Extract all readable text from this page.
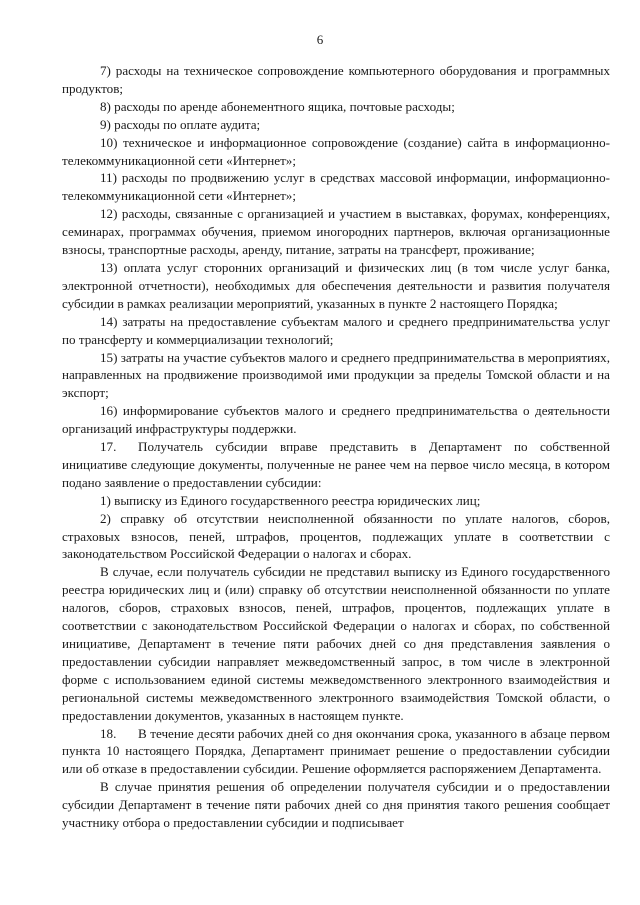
6

7) расходы на техническое сопровождение компьютерного оборудования и программных продуктов;

8) расходы по аренде абонементного ящика, почтовые расходы;

9) расходы по оплате аудита;

10) техническое и информационное сопровождение (создание) сайта в информационно-телекоммуникационной сети «Интернет»;

11) расходы по продвижению услуг в средствах массовой информации, информационно-телекоммуникационной сети «Интернет»;

12) расходы, связанные с организацией и участием в выставках, форумах, конференциях, семинарах, программах обучения, приемом иногородних партнеров, включая организационные взносы, транспортные расходы, аренду, питание, затраты на трансферт, проживание;

13) оплата услуг сторонних организаций и физических лиц (в том числе услуг банка, электронной отчетности), необходимых для обеспечения деятельности и развития получателя субсидии в рамках реализации мероприятий, указанных в пункте 2 настоящего Порядка;

14) затраты на предоставление субъектам малого и среднего предпринимательства услуг по трансферту и коммерциализации технологий;

15) затраты на участие субъектов малого и среднего предпринимательства в мероприятиях, направленных на продвижение производимой ими продукции за пределы Томской области и на экспорт;

16) информирование субъектов малого и среднего предпринимательства о деятельности организаций инфраструктуры поддержки.

17. Получатель субсидии вправе представить в Департамент по собственной инициативе следующие документы, полученные не ранее чем на первое число месяца, в котором подано заявление о предоставлении субсидии:

1) выписку из Единого государственного реестра юридических лиц;

2) справку об отсутствии неисполненной обязанности по уплате налогов, сборов, страховых взносов, пеней, штрафов, процентов, подлежащих уплате в соответствии с законодательством Российской Федерации о налогах и сборах.

В случае, если получатель субсидии не представил выписку из Единого государственного реестра юридических лиц и (или) справку об отсутствии неисполненной обязанности по уплате налогов, сборов, страховых взносов, пеней, штрафов, процентов, подлежащих уплате в соответствии с законодательством Российской Федерации о налогах и сборах, по собственной инициативе, Департамент в течение пяти рабочих дней со дня представления заявления о предоставлении субсидии направляет межведомственный запрос, в том числе в электронной форме с использованием единой системы межведомственного электронного взаимодействия и региональной системы межведомственного электронного взаимодействия Томской области, о предоставлении документов, указанных в настоящем пункте.

18. В течение десяти рабочих дней со дня окончания срока, указанного в абзаце первом пункта 10 настоящего Порядка, Департамент принимает решение о предоставлении субсидии или об отказе в предоставлении субсидии. Решение оформляется распоряжением Департамента.

В случае принятия решения об определении получателя субсидии и о предоставлении субсидии Департамент в течение пяти рабочих дней со дня принятия такого решения сообщает участнику отбора о предоставлении субсидии и подписывает
